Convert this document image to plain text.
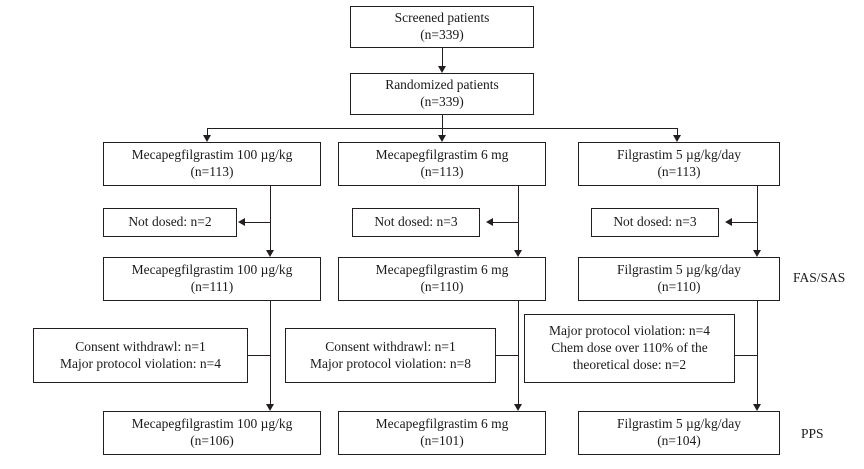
Screened patients
(n=339)
Randomized patients
(n=339)
Mecapegfilgrastim 100 µg/kg
(n=113)
Mecapegfilgrastim 6 mg
(n=113)
Filgrastim 5 µg/kg/day
(n=113)
Not dosed: n=2	Not dosed: n=3	Not dosed: n=3
Mecapegfilgrastim 100 µg/kg
(n=111)
Mecapegfilgrastim 6 mg
(n=110)
Filgrastim 5 µg/kg/day
(n=110)
FAS/SAS
Consent withdrawl: n=1
Major protocol violation: n=4
Consent withdrawl: n=1
Major protocol violation: n=8
Major protocol violation: n=4
Chem dose over 110% of the
theoretical dose: n=2
Mecapegfilgrastim 100 µg/kg
(n=106)
Mecapegfilgrastim 6 mg
(n=101)
Filgrastim 5 µg/kg/day
(n=104)	PPS
